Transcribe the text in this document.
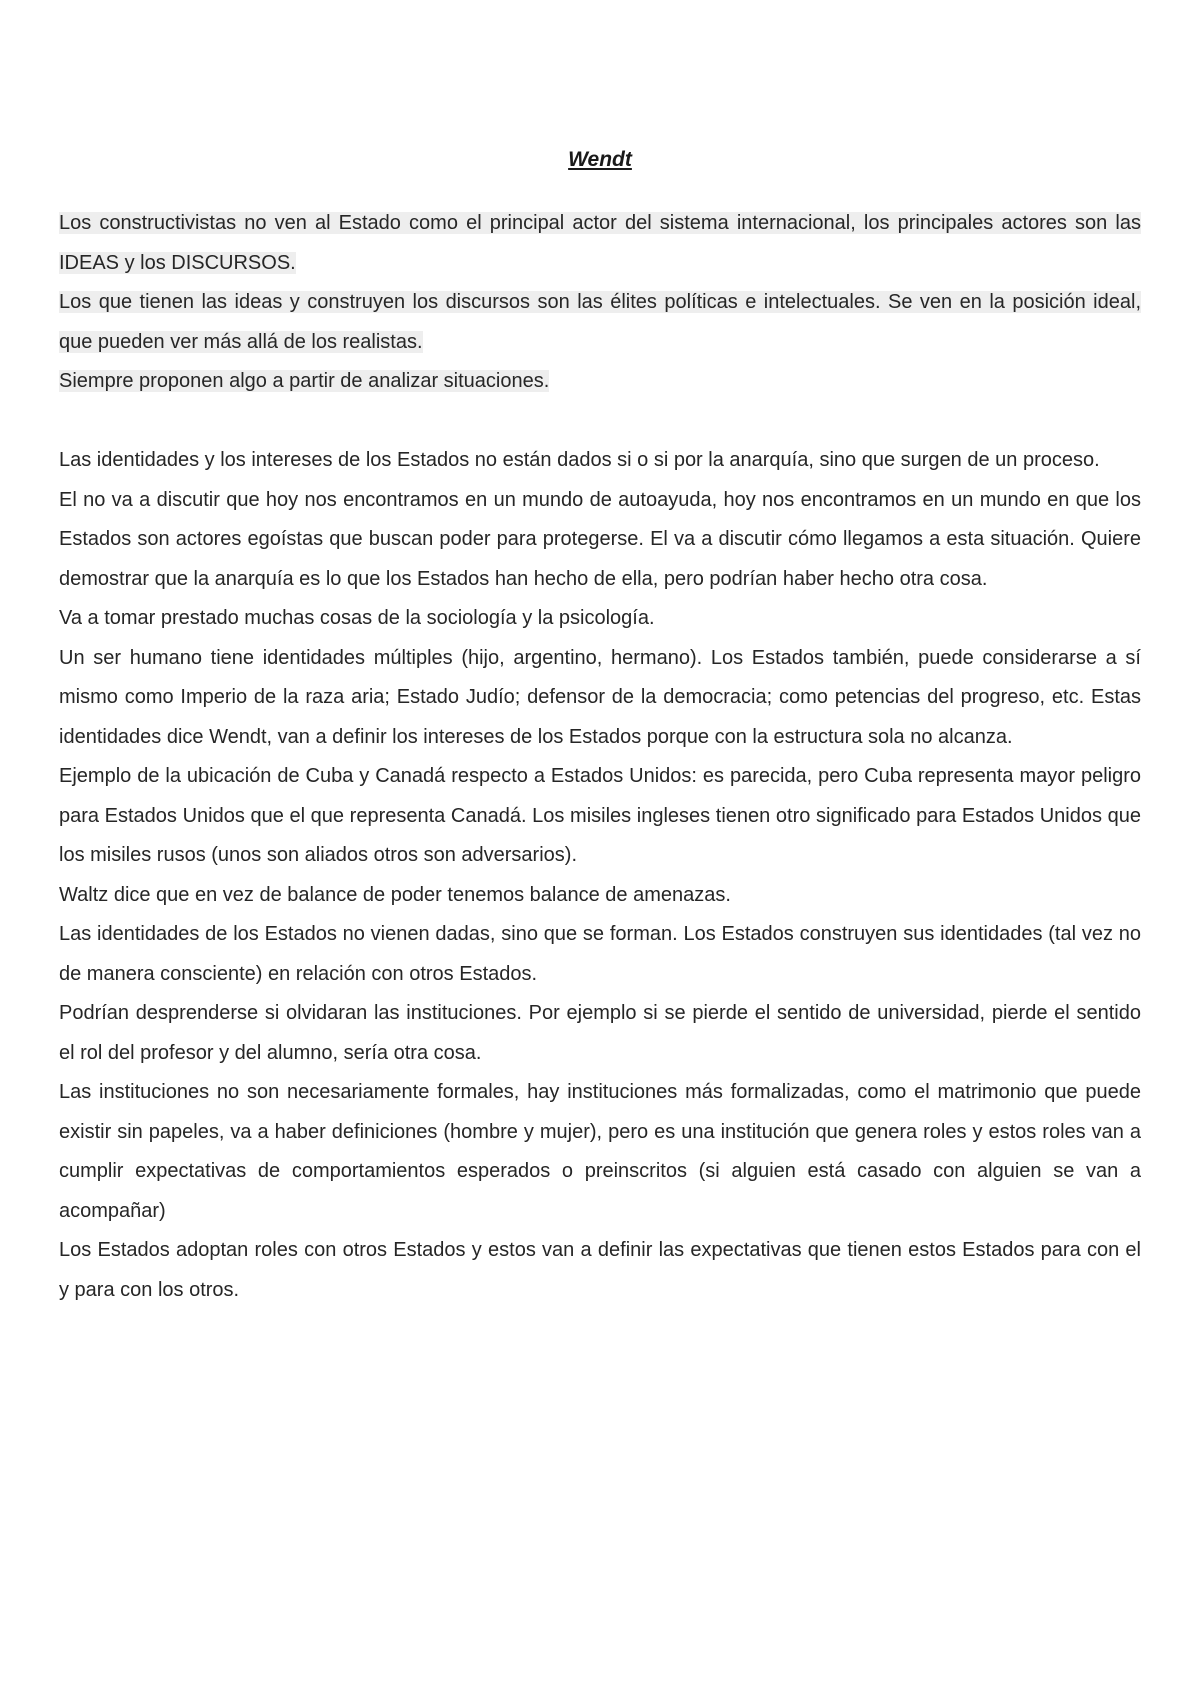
Wendt

Los constructivistas no ven al Estado como el principal actor del sistema internacional, los principales actores son las IDEAS y los DISCURSOS.

Los que tienen las ideas y construyen los discursos son las élites políticas e intelectuales. Se ven en la posición ideal, que pueden ver más allá de los realistas.

Siempre proponen algo a partir de analizar situaciones.

Las identidades y los intereses de los Estados no están dados si o si por la anarquía, sino que surgen de un proceso.

El no va a discutir que hoy nos encontramos en un mundo de autoayuda, hoy nos encontramos en un mundo en que los Estados son actores egoístas que buscan poder para protegerse. El va a discutir cómo llegamos a esta situación. Quiere demostrar que la anarquía es lo que los Estados han hecho de ella, pero podrían haber hecho otra cosa.

Va a tomar prestado muchas cosas de la sociología y la psicología.

Un ser humano tiene identidades múltiples (hijo, argentino, hermano). Los Estados también, puede considerarse a sí mismo como Imperio de la raza aria; Estado Judío; defensor de la democracia; como petencias del progreso, etc. Estas identidades dice Wendt, van a definir los intereses de los Estados porque con la estructura sola no alcanza.

Ejemplo de la ubicación de Cuba y Canadá respecto a Estados Unidos: es parecida, pero Cuba representa mayor peligro para Estados Unidos que el que representa Canadá. Los misiles ingleses tienen otro significado para Estados Unidos que los misiles rusos (unos son aliados otros son adversarios).

Waltz dice que en vez de balance de poder tenemos balance de amenazas.

Las identidades de los Estados no vienen dadas, sino que se forman. Los Estados construyen sus identidades (tal vez no de manera consciente) en relación con otros Estados.

Podrían desprenderse si olvidaran las instituciones. Por ejemplo si se pierde el sentido de universidad, pierde el sentido el rol del profesor y del alumno, sería otra cosa.

Las instituciones no son necesariamente formales, hay instituciones más formalizadas, como el matrimonio que puede existir sin papeles, va a haber definiciones (hombre y mujer), pero es una institución que genera roles y estos roles van a cumplir expectativas de comportamientos esperados o preinscritos (si alguien está casado con alguien se van a acompañar)

Los Estados adoptan roles con otros Estados y estos van a definir las expectativas que tienen estos Estados para con el y para con los otros.
